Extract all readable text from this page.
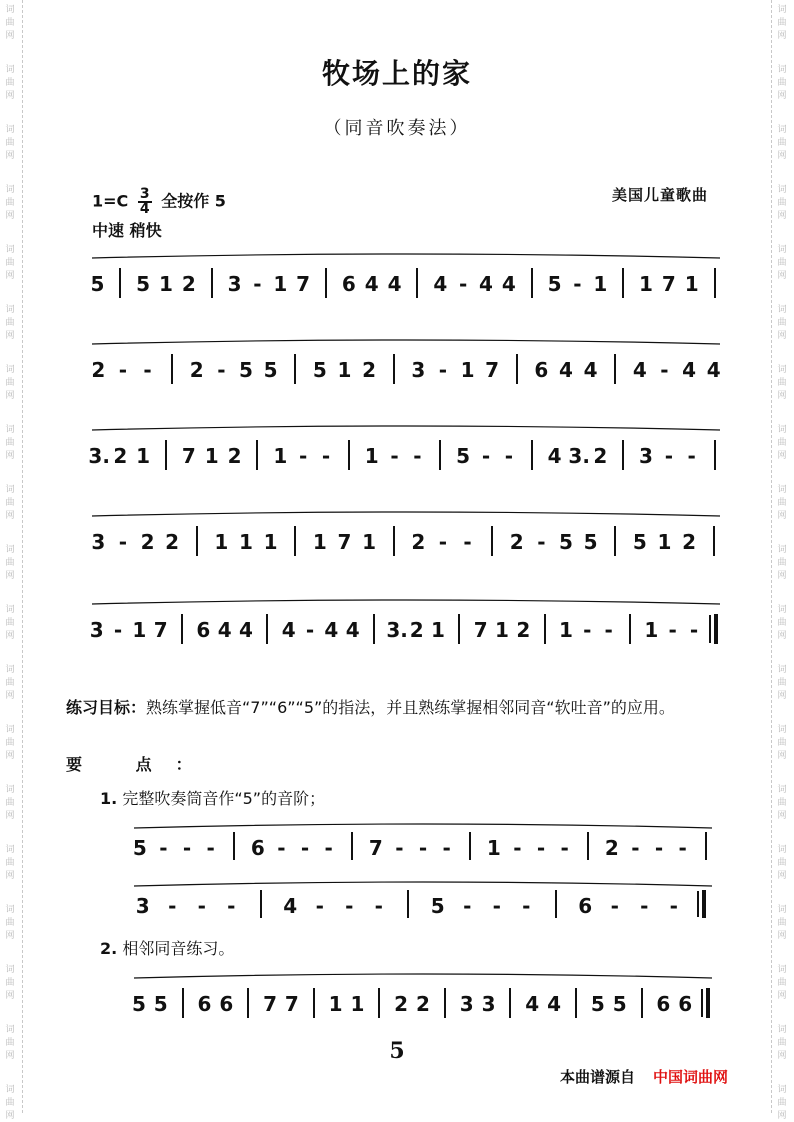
词
曲
网
词
曲
网
词
曲
网
词
曲
网
词
曲
网
词
曲
网
词
曲
网
词
曲
网
词
曲
网
词
曲
网
词
曲
网
词
曲
网
词
曲
网
词
曲
网
词
曲
网
词
曲
网
词
曲
网
词
曲
网
词
曲
网
词
曲
网
词
曲
网
词
曲
网
词
曲
网
词
曲
网
词
曲
网
词
曲
网
词
曲
网
词
曲
网
词
曲
网
词
曲
网
词
曲
网
词
曲
网
词
曲
网
词
曲
网
词
曲
网
词
曲
网
词
曲
网
词
曲
网
牧场上的家
（同音吹奏法）
$1=C \frac{3}{4}$ 全按作 5
中速 稍快
美国儿童歌曲
5 5 1 2 3 - 1 7 6 4 4 4 - 4 4 5 - 1 1 7 1
2 - - 2 - 5 5 5 1 2 3 - 1 7 6 4 4 4 - 4 4
3. 2 1 7 1 2 1 - - 1 - - 5 - - 4 3. 2 3 - -
3 - 2 2 1 1 1 1 7 1 2 - - 2 - 5 5 5 1 2
3 - 1 7 6 4 4 4 - 4 4 3. 2 1 7 1 2 1 - - 1 - -
练习目标：熟练掌握低音“7”“6”“5”的指法，并且熟练掌握相邻同音“软吐音”的应用。
要 点：
1. 完整吹奏筒音作“5”的音阶；
5 - - - 6 - - - 7 - - - 1 - - - 2 - - -
3 - - - 4 - - - 5 - - - 6 - - -
2. 相邻同音练习。
5 5 6 6 7 7 1 1 2 2 3 3 4 4 5 5 6 6
5
本曲谱源自 中国词曲网
